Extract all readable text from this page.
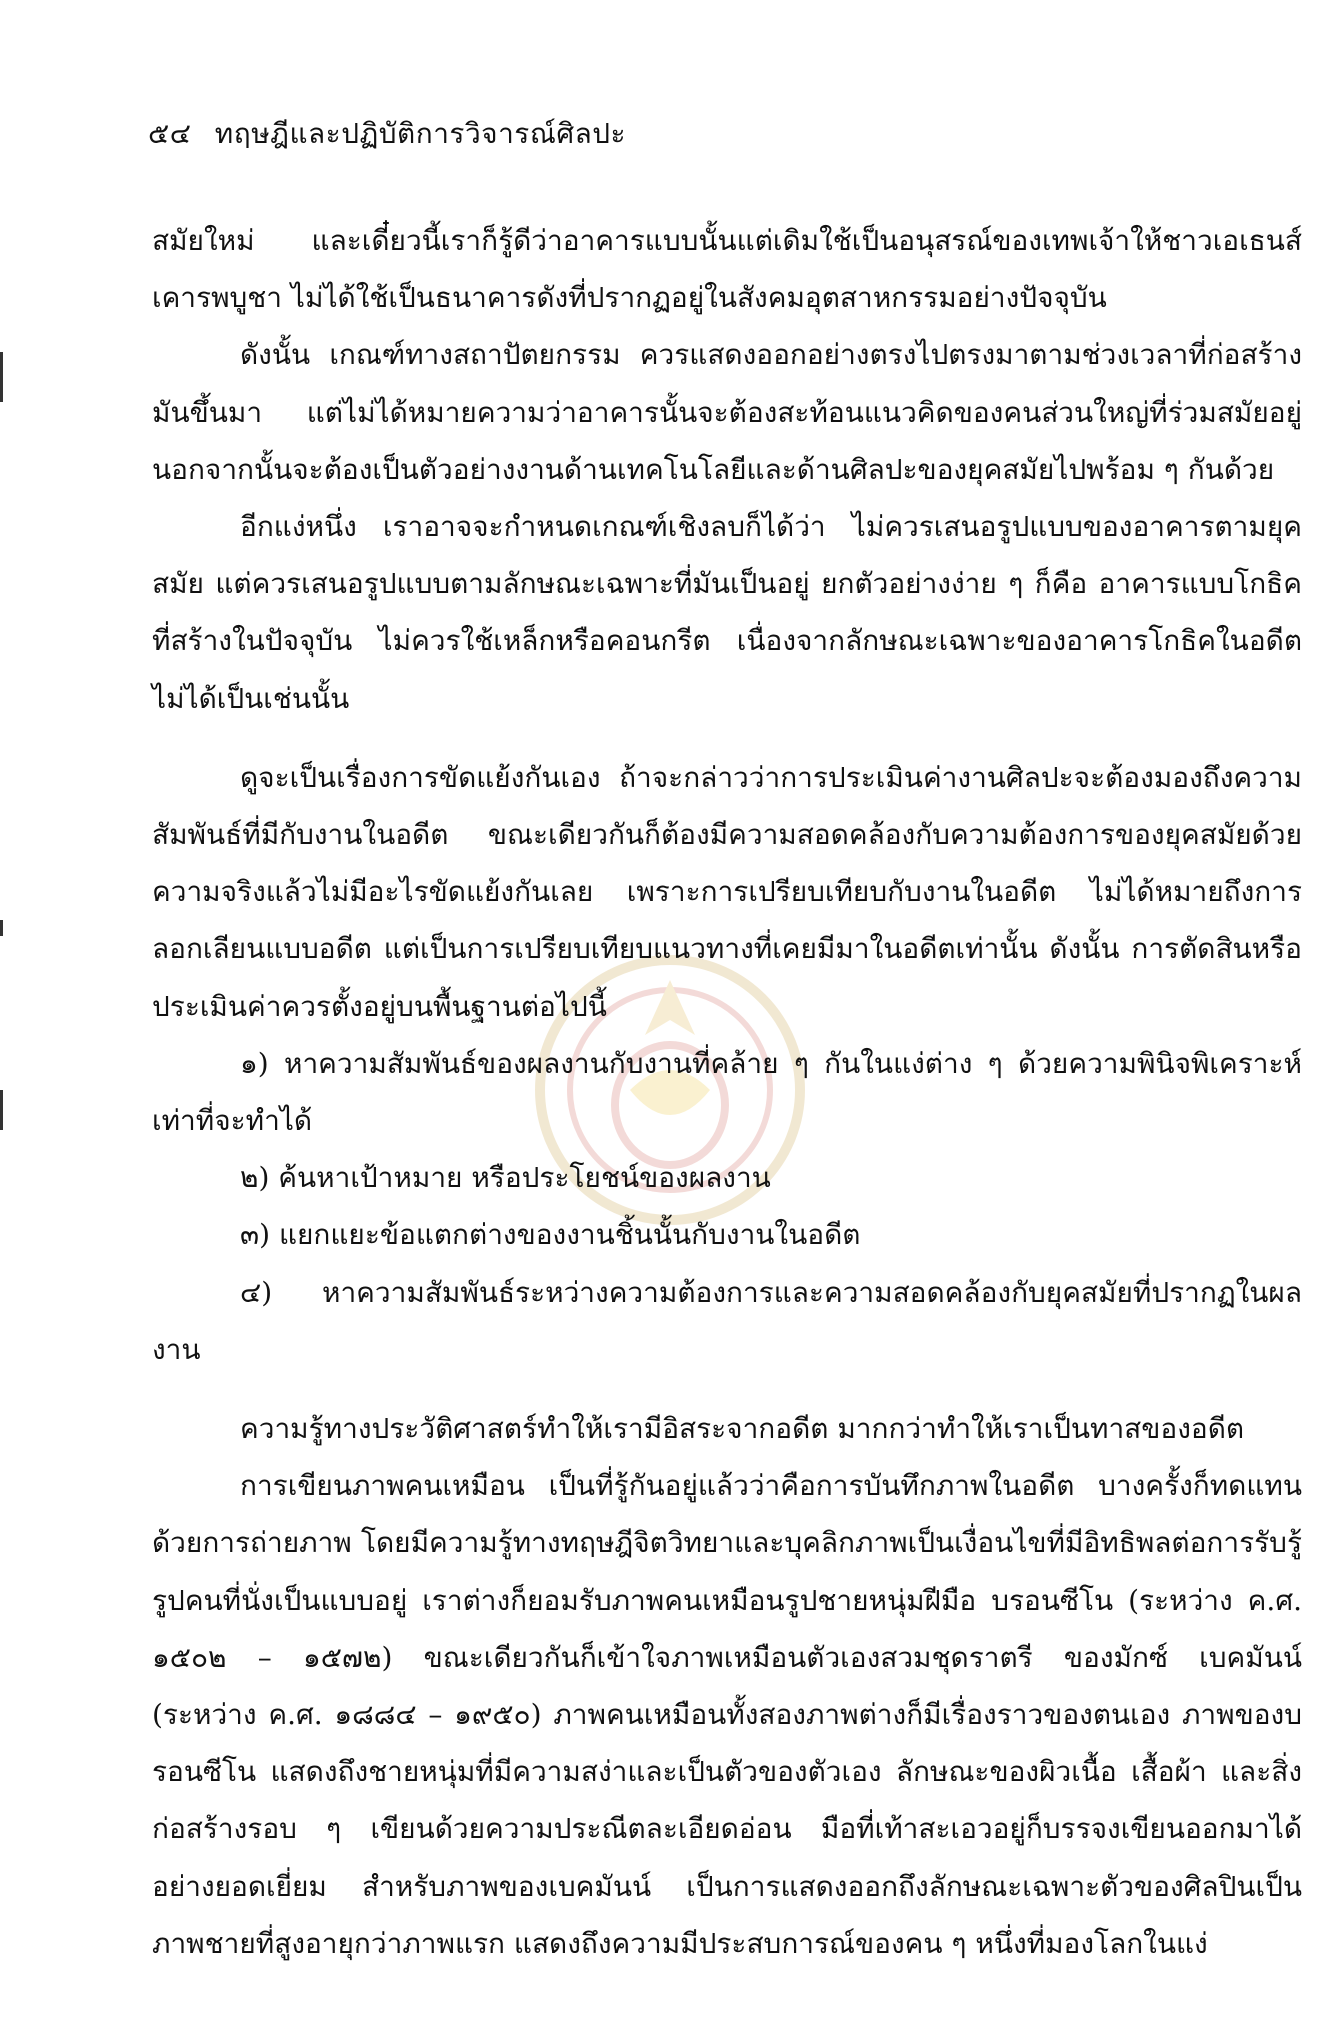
๕๔ ทฤษฎีและปฏิบัติการวิจารณ์ศิลปะ

สมัยใหม่ และเดี๋ยวนี้เราก็รู้ดีว่าอาคารแบบนั้นแต่เดิมใช้เป็นอนุสรณ์ของเทพเจ้าให้ชาวเอเธนส์เคารพบูชา ไม่ได้ใช้เป็นธนาคารดังที่ปรากฏอยู่ในสังคมอุตสาหกรรมอย่างปัจจุบัน

ดังนั้น เกณฑ์ทางสถาปัตยกรรม ควรแสดงออกอย่างตรงไปตรงมาตามช่วงเวลาที่ก่อสร้างมันขึ้นมา แต่ไม่ได้หมายความว่าอาคารนั้นจะต้องสะท้อนแนวคิดของคนส่วนใหญ่ที่ร่วมสมัยอยู่นอกจากนั้นจะต้องเป็นตัวอย่างงานด้านเทคโนโลยีและด้านศิลปะของยุคสมัยไปพร้อม ๆ กันด้วย

อีกแง่หนึ่ง เราอาจจะกำหนดเกณฑ์เชิงลบก็ได้ว่า ไม่ควรเสนอรูปแบบของอาคารตามยุคสมัย แต่ควรเสนอรูปแบบตามลักษณะเฉพาะที่มันเป็นอยู่ ยกตัวอย่างง่าย ๆ ก็คือ อาคารแบบโกธิคที่สร้างในปัจจุบัน ไม่ควรใช้เหล็กหรือคอนกรีต เนื่องจากลักษณะเฉพาะของอาคารโกธิคในอดีต ไม่ได้เป็นเช่นนั้น

ดูจะเป็นเรื่องการขัดแย้งกันเอง ถ้าจะกล่าวว่าการประเมินค่างานศิลปะจะต้องมองถึงความสัมพันธ์ที่มีกับงานในอดีต ขณะเดียวกันก็ต้องมีความสอดคล้องกับความต้องการของยุคสมัยด้วย ความจริงแล้วไม่มีอะไรขัดแย้งกันเลย เพราะการเปรียบเทียบกับงานในอดีต ไม่ได้หมายถึงการลอกเลียนแบบอดีต แต่เป็นการเปรียบเทียบแนวทางที่เคยมีมาในอดีตเท่านั้น ดังนั้น การตัดสินหรือประเมินค่าควรตั้งอยู่บนพื้นฐานต่อไปนี้

๑) หาความสัมพันธ์ของผลงานกับงานที่คล้าย ๆ กันในแง่ต่าง ๆ ด้วยความพินิจพิเคราะห์เท่าที่จะทำได้

๒) ค้นหาเป้าหมาย หรือประโยชน์ของผลงาน

๓) แยกแยะข้อแตกต่างของงานชิ้นนั้นกับงานในอดีต

๔) หาความสัมพันธ์ระหว่างความต้องการและความสอดคล้องกับยุคสมัยที่ปรากฏในผลงาน

ความรู้ทางประวัติศาสตร์ทำให้เรามีอิสระจากอดีต มากกว่าทำให้เราเป็นทาสของอดีต

การเขียนภาพคนเหมือน เป็นที่รู้กันอยู่แล้วว่าคือการบันทึกภาพในอดีต บางครั้งก็ทดแทนด้วยการถ่ายภาพ โดยมีความรู้ทางทฤษฎีจิตวิทยาและบุคลิกภาพเป็นเงื่อนไขที่มีอิทธิพลต่อการรับรู้รูปคนที่นั่งเป็นแบบอยู่ เราต่างก็ยอมรับภาพคนเหมือนรูปชายหนุ่มฝีมือ บรอนซีโน (ระหว่าง ค.ศ. ๑๕๐๒ – ๑๕๗๒) ขณะเดียวกันก็เข้าใจภาพเหมือนตัวเองสวมชุดราตรี ของมักซ์ เบคมันน์ (ระหว่าง ค.ศ. ๑๘๘๔ – ๑๙๕๐) ภาพคนเหมือนทั้งสองภาพต่างก็มีเรื่องราวของตนเอง ภาพของบรอนซีโน แสดงถึงชายหนุ่มที่มีความสง่าและเป็นตัวของตัวเอง ลักษณะของผิวเนื้อ เสื้อผ้า และสิ่งก่อสร้างรอบ ๆ เขียนด้วยความประณีตละเอียดอ่อน มือที่เท้าสะเอวอยู่ก็บรรจงเขียนออกมาได้อย่างยอดเยี่ยม สำหรับภาพของเบคมันน์ เป็นการแสดงออกถึงลักษณะเฉพาะตัวของศิลปินเป็นภาพชายที่สูงอายุกว่าภาพแรก แสดงถึงความมีประสบการณ์ของคน ๆ หนึ่งที่มองโลกในแง่
